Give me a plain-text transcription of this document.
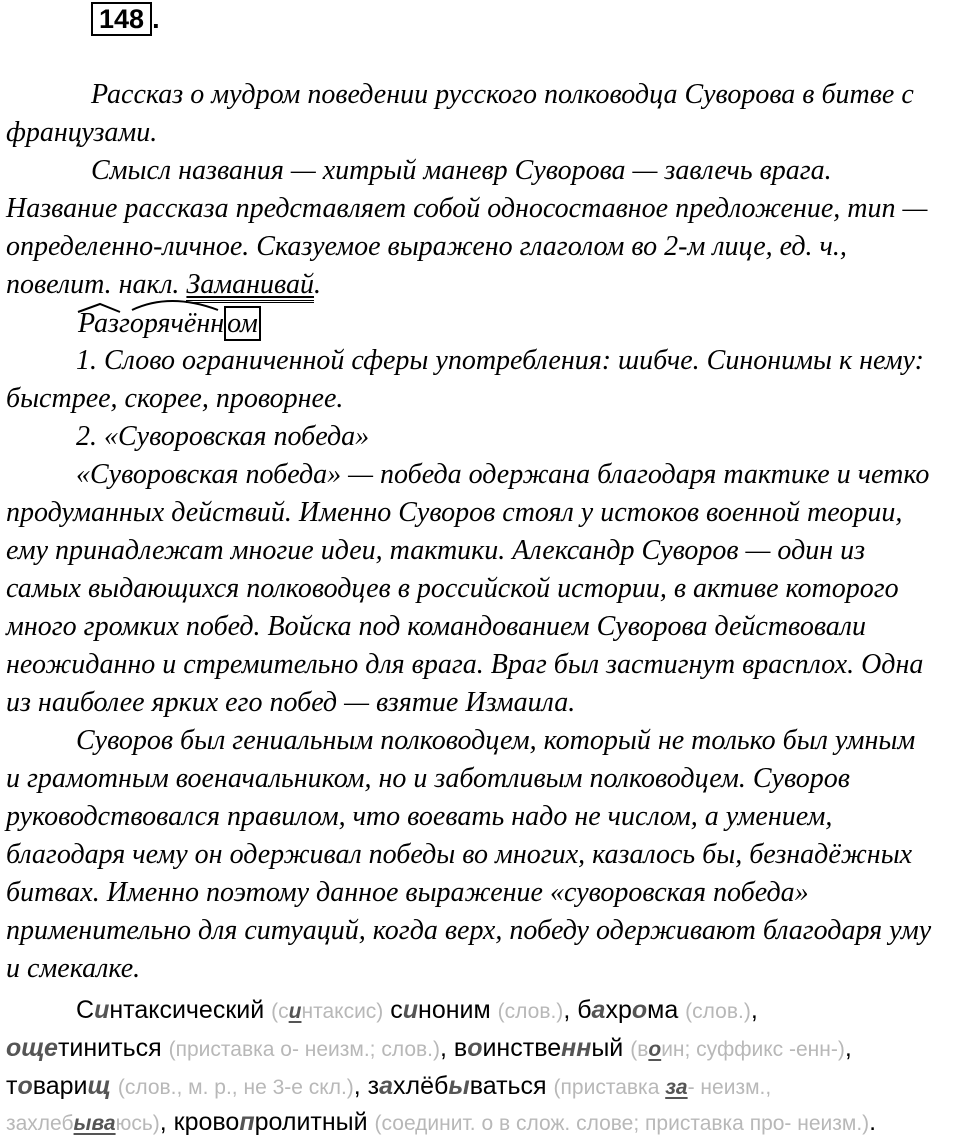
148 .
Рассказ о мудром поведении русского полководца Суворова в битве с
французами.
Смысл названия — хитрый маневр Суворова — завлечь врага.
Название рассказа представляет собой односоставное предложение, тип —
определенно-личное. Сказуемое выражено глаголом во 2-м лице, ед. ч.,
повелит. накл. Заманивай.
Разгорячённ ом
1. Слово ограниченной сферы употребления: шибче. Синонимы к нему:
быстрее, скорее, проворнее.
2. «Суворовская победа»
«Суворовская победа» — победа одержана благодаря тактике и четко
продуманных действий. Именно Суворов стоял у истоков военной теории,
ему принадлежат многие идеи, тактики. Александр Суворов — один из
самых выдающихся полководцев в российской истории, в активе которого
много громких побед. Войска под командованием Суворова действовали
неожиданно и стремительно для врага. Враг был застигнут врасплох. Одна
из наиболее ярких его побед — взятие Измаила.
Суворов был гениальным полководцем, который не только был умным
и грамотным военачальником, но и заботливым полководцем. Суворов
руководствовался правилом, что воевать надо не числом, а умением,
благодаря чему он одерживал победы во многих, казалось бы, безнадёжных
битвах. Именно поэтому данное выражение «суворовская победа»
применительно для ситуаций, когда верх, победу одерживают благодаря уму
и смекалке.
Синтаксический (синтаксис) синоним (слов.), бахрома (слов.),
ощетиниться (приставка о- неизм.; слов.), воинственный (воин; суффикс -енн-),
товарищ (слов., м. р., не 3-е скл.), захлёбываться (приставка за- неизм.,
захлебываюсь), кровопролитный (соединит. о в слож. слове; приставка про- неизм.).
